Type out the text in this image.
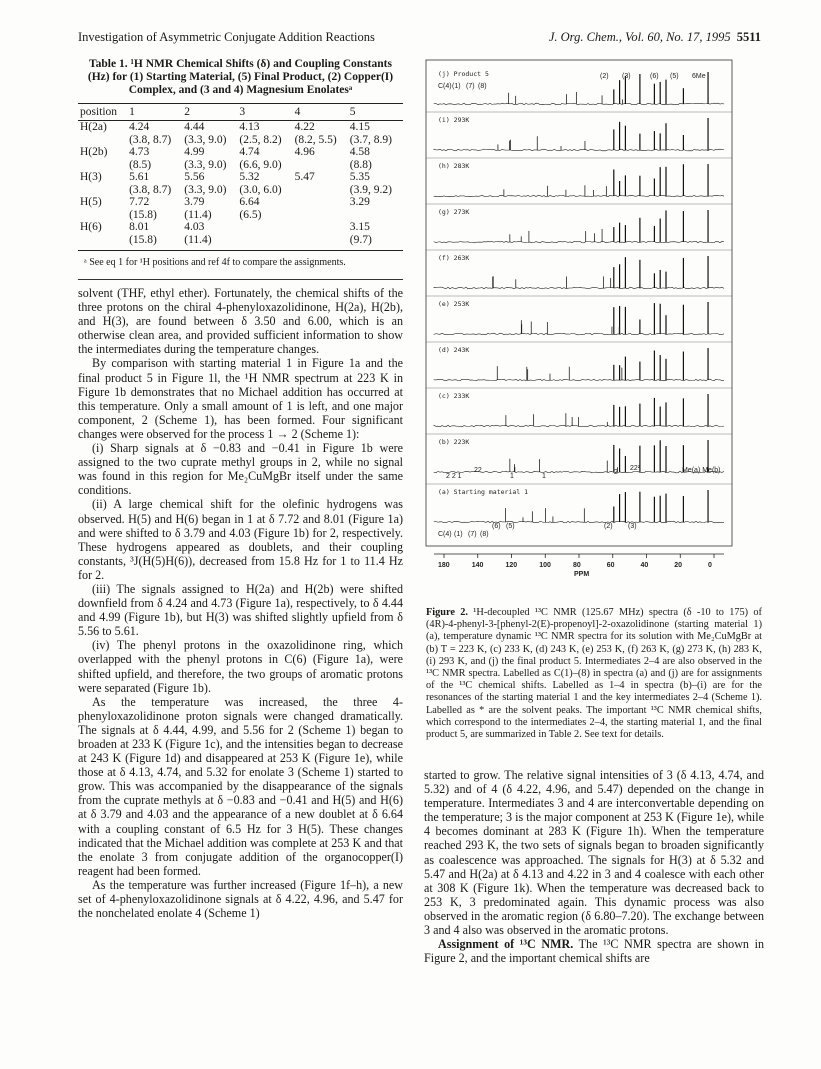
Investigation of Asymmetric Conjugate Addition Reactions	J. Org. Chem., Vol. 60, No. 17, 1995 5511
Table 1. ¹H NMR Chemical Shifts (δ) and Coupling Constants (Hz) for (1) Starting Material, (5) Final Product, (2) Copper(I) Complex, and (3 and 4) Magnesium Enolatesᵃ
position	1	2	3	4	5
H(2a)	4.24	4.44	4.13	4.22	4.15
	(3.8, 8.7)	(3.3, 9.0)	(2.5, 8.2)	(8.2, 5.5)	(3.7, 8.9)
H(2b)	4.73	4.99	4.74	4.96	4.58
	(8.5)	(3.3, 9.0)	(6.6, 9.0)		(8.8)
H(3)	5.61	5.56	5.32	5.47	5.35
	(3.8, 8.7)	(3.3, 9.0)	(3.0, 6.0)		(3.9, 9.2)
H(5)	7.72	3.79	6.64		3.29
	(15.8)	(11.4)	(6.5)		
H(6)	8.01	4.03			3.15
	(15.8)	(11.4)			(9.7)
ᵃ See eq 1 for ¹H positions and ref 4f to compare the assignments.

solvent (THF, ethyl ether). Fortunately, the chemical shifts of the three protons on the chiral 4-phenyloxazolidinone, H(2a), H(2b), and H(3), are found between δ 3.50 and 6.00, which is an otherwise clean area, and provided sufficient information to show the intermediates during the temperature changes.

By comparison with starting material 1 in Figure 1a and the final product 5 in Figure 1l, the ¹H NMR spectrum at 223 K in Figure 1b demonstrates that no Michael addition has occurred at this temperature. Only a small amount of 1 is left, and one major component, 2 (Scheme 1), has been formed. Four significant changes were observed for the process 1 → 2 (Scheme 1):

(i) Sharp signals at δ −0.83 and −0.41 in Figure 1b were assigned to the two cuprate methyl groups in 2, while no signal was found in this region for Me₂CuMgBr itself under the same conditions.

(ii) A large chemical shift for the olefinic hydrogens was observed. H(5) and H(6) began in 1 at δ 7.72 and 8.01 (Figure 1a) and were shifted to δ 3.79 and 4.03 (Figure 1b) for 2, respectively. These hydrogens appeared as doublets, and their coupling constants, ³J(H(5)H(6)), decreased from 15.8 Hz for 1 to 11.4 Hz for 2.

(iii) The signals assigned to H(2a) and H(2b) were shifted downfield from δ 4.24 and 4.73 (Figure 1a), respectively, to δ 4.44 and 4.99 (Figure 1b), but H(3) was shifted slightly upfield from δ 5.56 to 5.61.

(iv) The phenyl protons in the oxazolidinone ring, which overlapped with the phenyl protons in C(6) (Figure 1a), were shifted upfield, and therefore, the two groups of aromatic protons were separated (Figure 1b).

As the temperature was increased, the three 4-phenyloxazolidinone proton signals were changed dramatically. The signals at δ 4.44, 4.99, and 5.56 for 2 (Scheme 1) began to broaden at 233 K (Figure 1c), and the intensities began to decrease at 243 K (Figure 1d) and disappeared at 253 K (Figure 1e), while those at δ 4.13, 4.74, and 5.32 for enolate 3 (Scheme 1) started to grow. This was accompanied by the disappearance of the signals from the cuprate methyls at δ −0.83 and −0.41 and H(5) and H(6) at δ 3.79 and 4.03 and the appearance of a new doublet at δ 6.64 with a coupling constant of 6.5 Hz for 3 H(5). These changes indicated that the Michael addition was complete at 253 K and that the enolate 3 from conjugate addition of the organocopper(I) reagent had been formed.

As the temperature was further increased (Figure 1f–h), a new set of 4-phenyloxazolidinone signals at δ 4.22, 4.96, and 5.47 for the nonchelated enolate 4 (Scheme 1)

(j) Product 5
(i) 293K
(h) 283K
(g) 273K
(f) 263K
(e) 253K
(d) 243K
(c) 233K
(b) 223K
(a) Starting material 1
C(4) (1) (7) (8)
(2) (3)	(6) (5) 6Me
C(4) (1) (7) (8)
(6) (5)	(2) (3)
2 2 1
22
1	1
2
22²	Me(a) Me(b)
180	140	120	100	80	60	40	20	0
PPM
Figure 2. ¹H-decoupled ¹³C NMR (125.67 MHz) spectra (δ -10 to 175) of (4R)-4-phenyl-3-[phenyl-2(E)-propenoyl]-2-oxazolidinone (starting material 1) (a), temperature dynamic ¹³C NMR spectra for its solution with Me₂CuMgBr at (b) T = 223 K, (c) 233 K, (d) 243 K, (e) 253 K, (f) 263 K, (g) 273 K, (h) 283 K, (i) 293 K, and (j) the final product 5. Intermediates 2–4 are also observed in the ¹³C NMR spectra. Labelled as C(1)–(8) in spectra (a) and (j) are for assignments of the ¹³C chemical shifts. Labelled as 1–4 in spectra (b)–(i) are for the resonances of the starting material 1 and the key intermediates 2–4 (Scheme 1). Labelled as * are the solvent peaks. The important ¹³C NMR chemical shifts, which correspond to the intermediates 2–4, the starting material 1, and the final product 5, are summarized in Table 2. See text for details.

started to grow. The relative signal intensities of 3 (δ 4.13, 4.74, and 5.32) and of 4 (δ 4.22, 4.96, and 5.47) depended on the change in temperature. Intermediates 3 and 4 are interconvertable depending on the temperature; 3 is the major component at 253 K (Figure 1e), while 4 becomes dominant at 283 K (Figure 1h). When the temperature reached 293 K, the two sets of signals began to broaden significantly as coalescence was approached. The signals for H(3) at δ 5.32 and 5.47 and H(2a) at δ 4.13 and 4.22 in 3 and 4 coalesce with each other at 308 K (Figure 1k). When the temperature was decreased back to 253 K, 3 predominated again. This dynamic process was also observed in the aromatic region (δ 6.80–7.20). The exchange between 3 and 4 also was observed in the aromatic protons.

Assignment of ¹³C NMR. The ¹³C NMR spectra are shown in Figure 2, and the important chemical shifts are
